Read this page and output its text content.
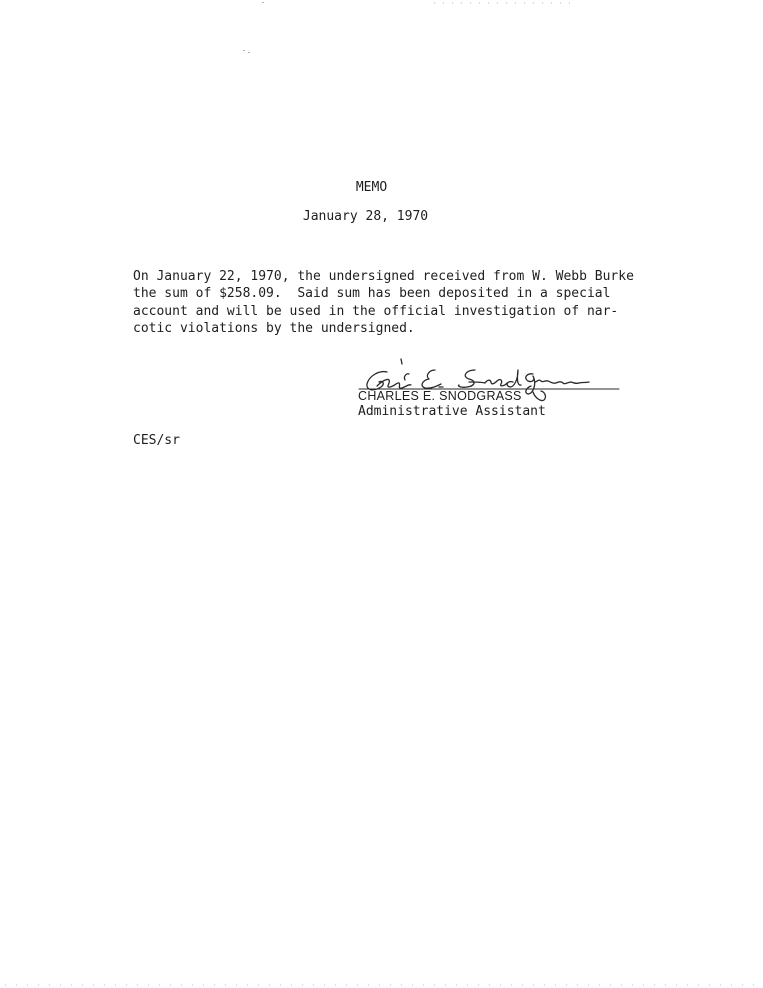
MEMO
January 28, 1970
On January 22, 1970, the undersigned received from W. Webb Burke
the sum of $258.09.  Said sum has been deposited in a special
account and will be used in the official investigation of nar-
cotic violations by the undersigned.
CHARLES E. SNODGRASS
Administrative Assistant
CES/sr
